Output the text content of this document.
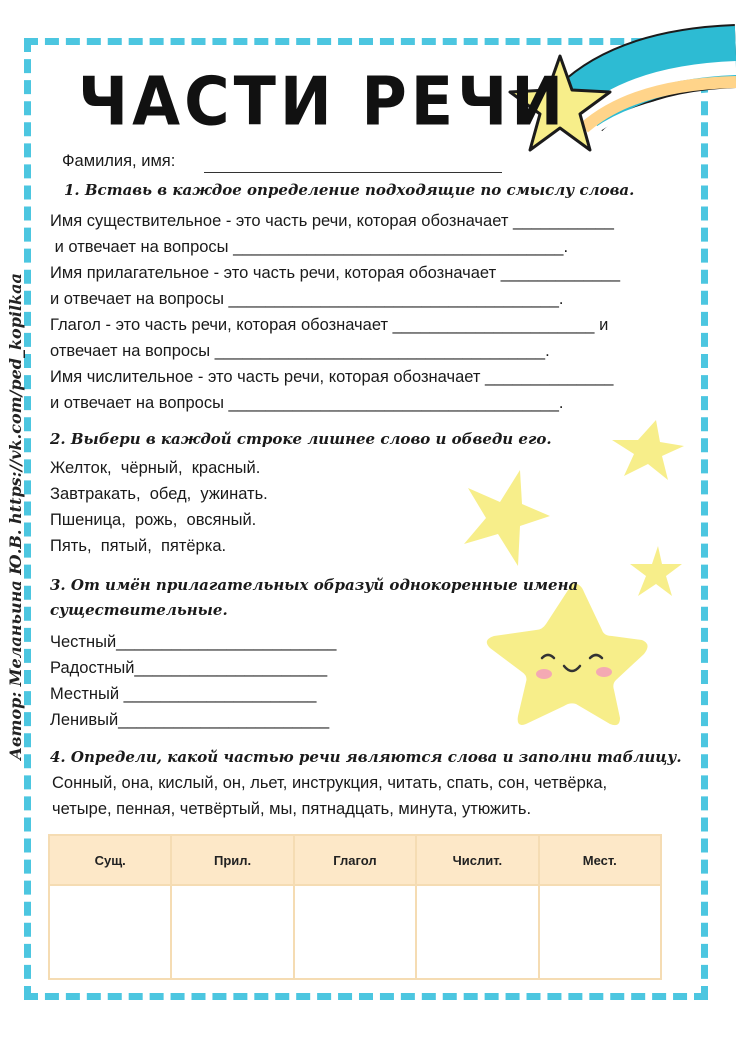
ЧАСТИ РЕЧИ
Автор: Меланьина Ю.В. https://vk.com/ped_kopilkaa
Фамилия, имя:
1. Вставь в каждое определение подходящие по смыслу слова.
Имя существительное - это часть речи, которая обозначает ___________
и отвечает на вопросы ____________________________________.
Имя прилагательное - это часть речи, которая обозначает _____________
и отвечает на вопросы ____________________________________.
Глагол - это часть речи, которая обозначает ______________________ и
отвечает на вопросы ____________________________________.
Имя числительное - это часть речи, которая обозначает ______________
и отвечает на вопросы ____________________________________.
2. Выбери в каждой строке лишнее слово и обведи его.
Желток,  чёрный,  красный.
Завтракать,  обед,  ужинать.
Пшеница,  рожь,  овсяный.
Пять,  пятый,  пятёрка.
3. От имён прилагательных образуй однокоренные имена
существительные.
Честный________________________
Радостный_____________________
Местный _____________________
Ленивый_______________________
4. Определи, какой частью речи являются слова и заполни таблицу.
Сонный, она, кислый, он, льет, инструкция, читать, спать, сон, четвёрка,
четыре, пенная, четвёртый, мы, пятнадцать, минута, утюжить.
Сущ.	Прил.	Глагол	Числит.	Мест.
